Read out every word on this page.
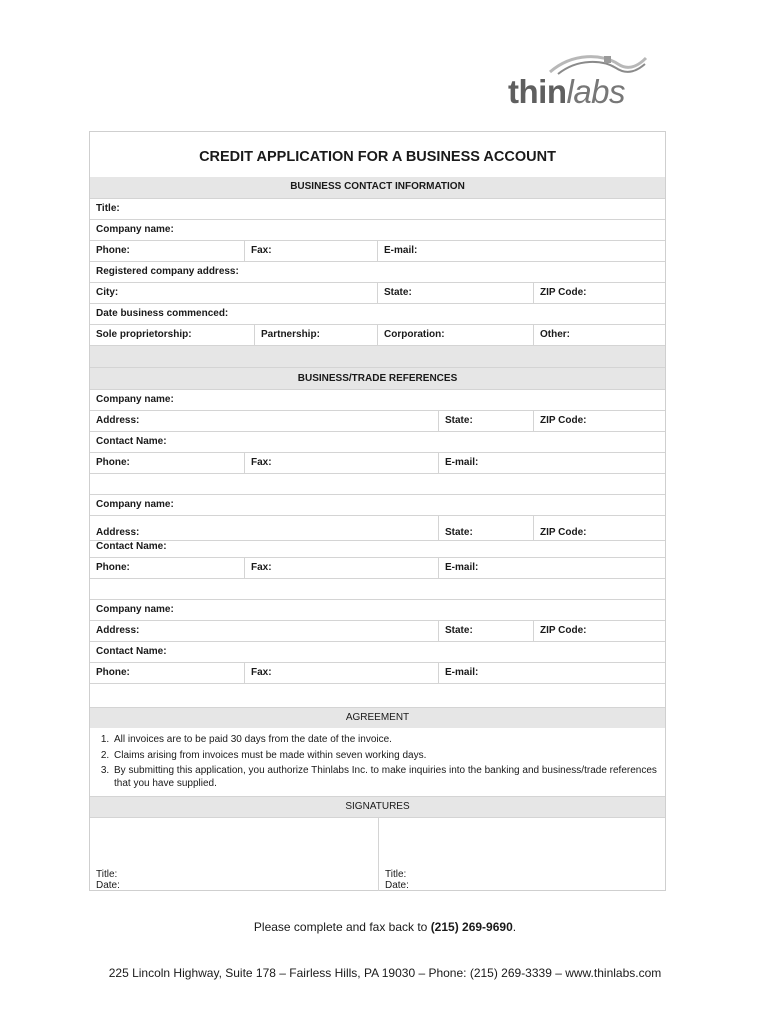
thinlabs
CREDIT APPLICATION FOR A BUSINESS ACCOUNT
BUSINESS CONTACT INFORMATION
Title:
Company name:
Phone:	Fax:	E-mail:
Registered company address:
City:	State:	ZIP Code:
Date business commenced:
Sole proprietorship:	Partnership:	Corporation:	Other:
BUSINESS/TRADE REFERENCES
Company name:
Address:	State:	ZIP Code:
Contact Name:
Phone:	Fax:	E-mail:
Company name:
Address:	State:	ZIP Code:
Contact Name:
Phone:	Fax:	E-mail:
Company name:
Address:	State:	ZIP Code:
Contact Name:
Phone:	Fax:	E-mail:
AGREEMENT
1. All invoices are to be paid 30 days from the date of the invoice.
2. Claims arising from invoices must be made within seven working days.
3. By submitting this application, you authorize Thinlabs Inc. to make inquiries into the banking and business/trade references that you have supplied.
SIGNATURES
Title:
Date:
Title:
Date:
Please complete and fax back to (215) 269-9690.
225 Lincoln Highway, Suite 178 – Fairless Hills, PA 19030 – Phone: (215) 269-3339 – www.thinlabs.com
